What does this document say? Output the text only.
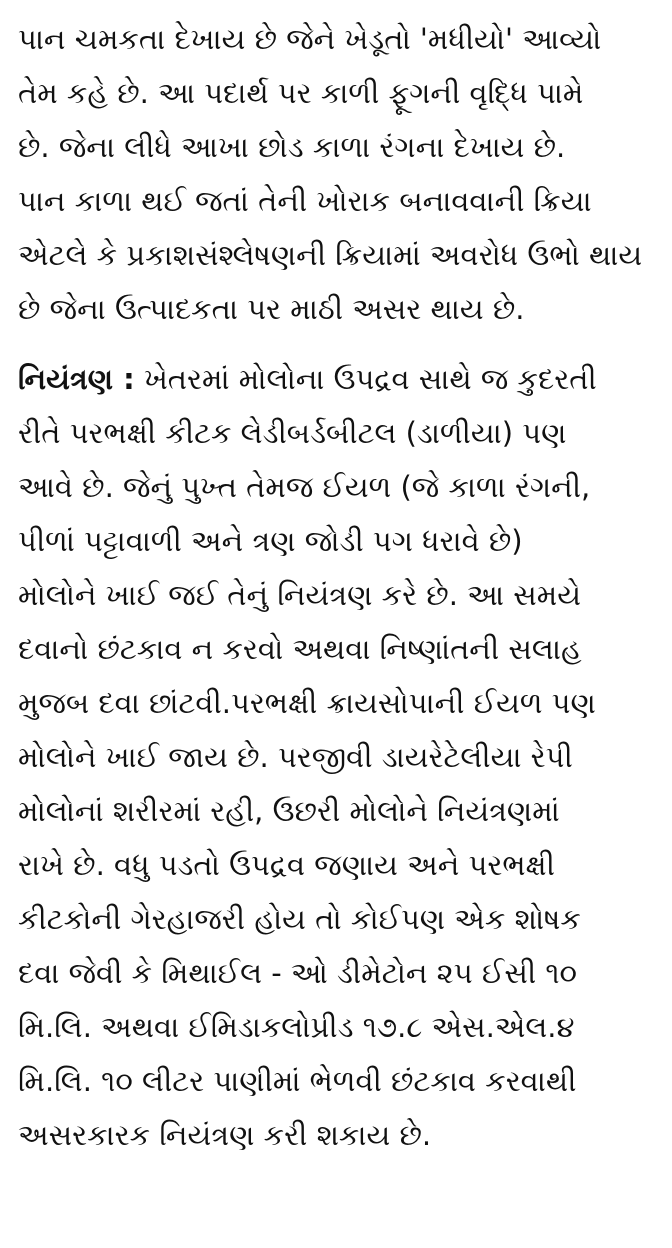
પાન ચમકતા દેખાય છે જેને ખેડૂતો 'મધીયો' આવ્યો
તેમ કહે છે. આ પદાર્થ પર કાળી ફૂગની વૃદ્ધિ પામે
છે. જેના લીધે આખા છોડ કાળા રંગના દેખાય છે.
પાન કાળા થઈ જતાં તેની ખોરાક બનાવવાની ક્રિયા
એટલે કે પ્રકાશસંશ્લેષણની ક્રિયામાં અવરોધ ઉભો થાય
છે જેના ઉત્પાદકતા પર માઠી અસર થાય છે.

નિયંત્રણ : ખેતરમાં મોલોના ઉપદ્રવ સાથે જ કુદરતી
રીતે પરભક્ષી કીટક લેડીબર્ડબીટલ (ડાળીયા) પણ
આવે છે. જેનું પુખ્ત તેમજ ઈયળ (જે કાળા રંગની,
પીળાં પટ્ટાવાળી અને ત્રણ જોડી પગ ધરાવે છે)
મોલોને ખાઈ જઈ તેનું નિયંત્રણ કરે છે. આ સમયે
દવાનો છંટકાવ ન કરવો અથવા નિષ્ણાંતની સલાહ
મુજબ દવા છાંટવી.પરભક્ષી ક્રાયસોપાની ઈયળ પણ
મોલોને ખાઈ જાય છે. પરજીવી ડાયરેટેલીયા રેપી
મોલોનાં શરીરમાં રહી, ઉછરી મોલોને નિયંત્રણમાં
રાખે છે. વધુ પડતો ઉપદ્રવ જણાય અને પરભક્ષી
કીટકોની ગેરહાજરી હોય તો કોઈપણ એક શોષક
દવા જેવી કે મિથાઈલ - ઓ ડીમેટોન ૨૫ ઈસી ૧૦
મિ.લિ. અથવા ઈમિડાકલોપ્રીડ ૧૭.૮ એસ.એલ.૪
મિ.લિ. ૧૦ લીટર પાણીમાં ભેળવી છંટકાવ કરવાથી
અસરકારક નિયંત્રણ કરી શકાય છે.
